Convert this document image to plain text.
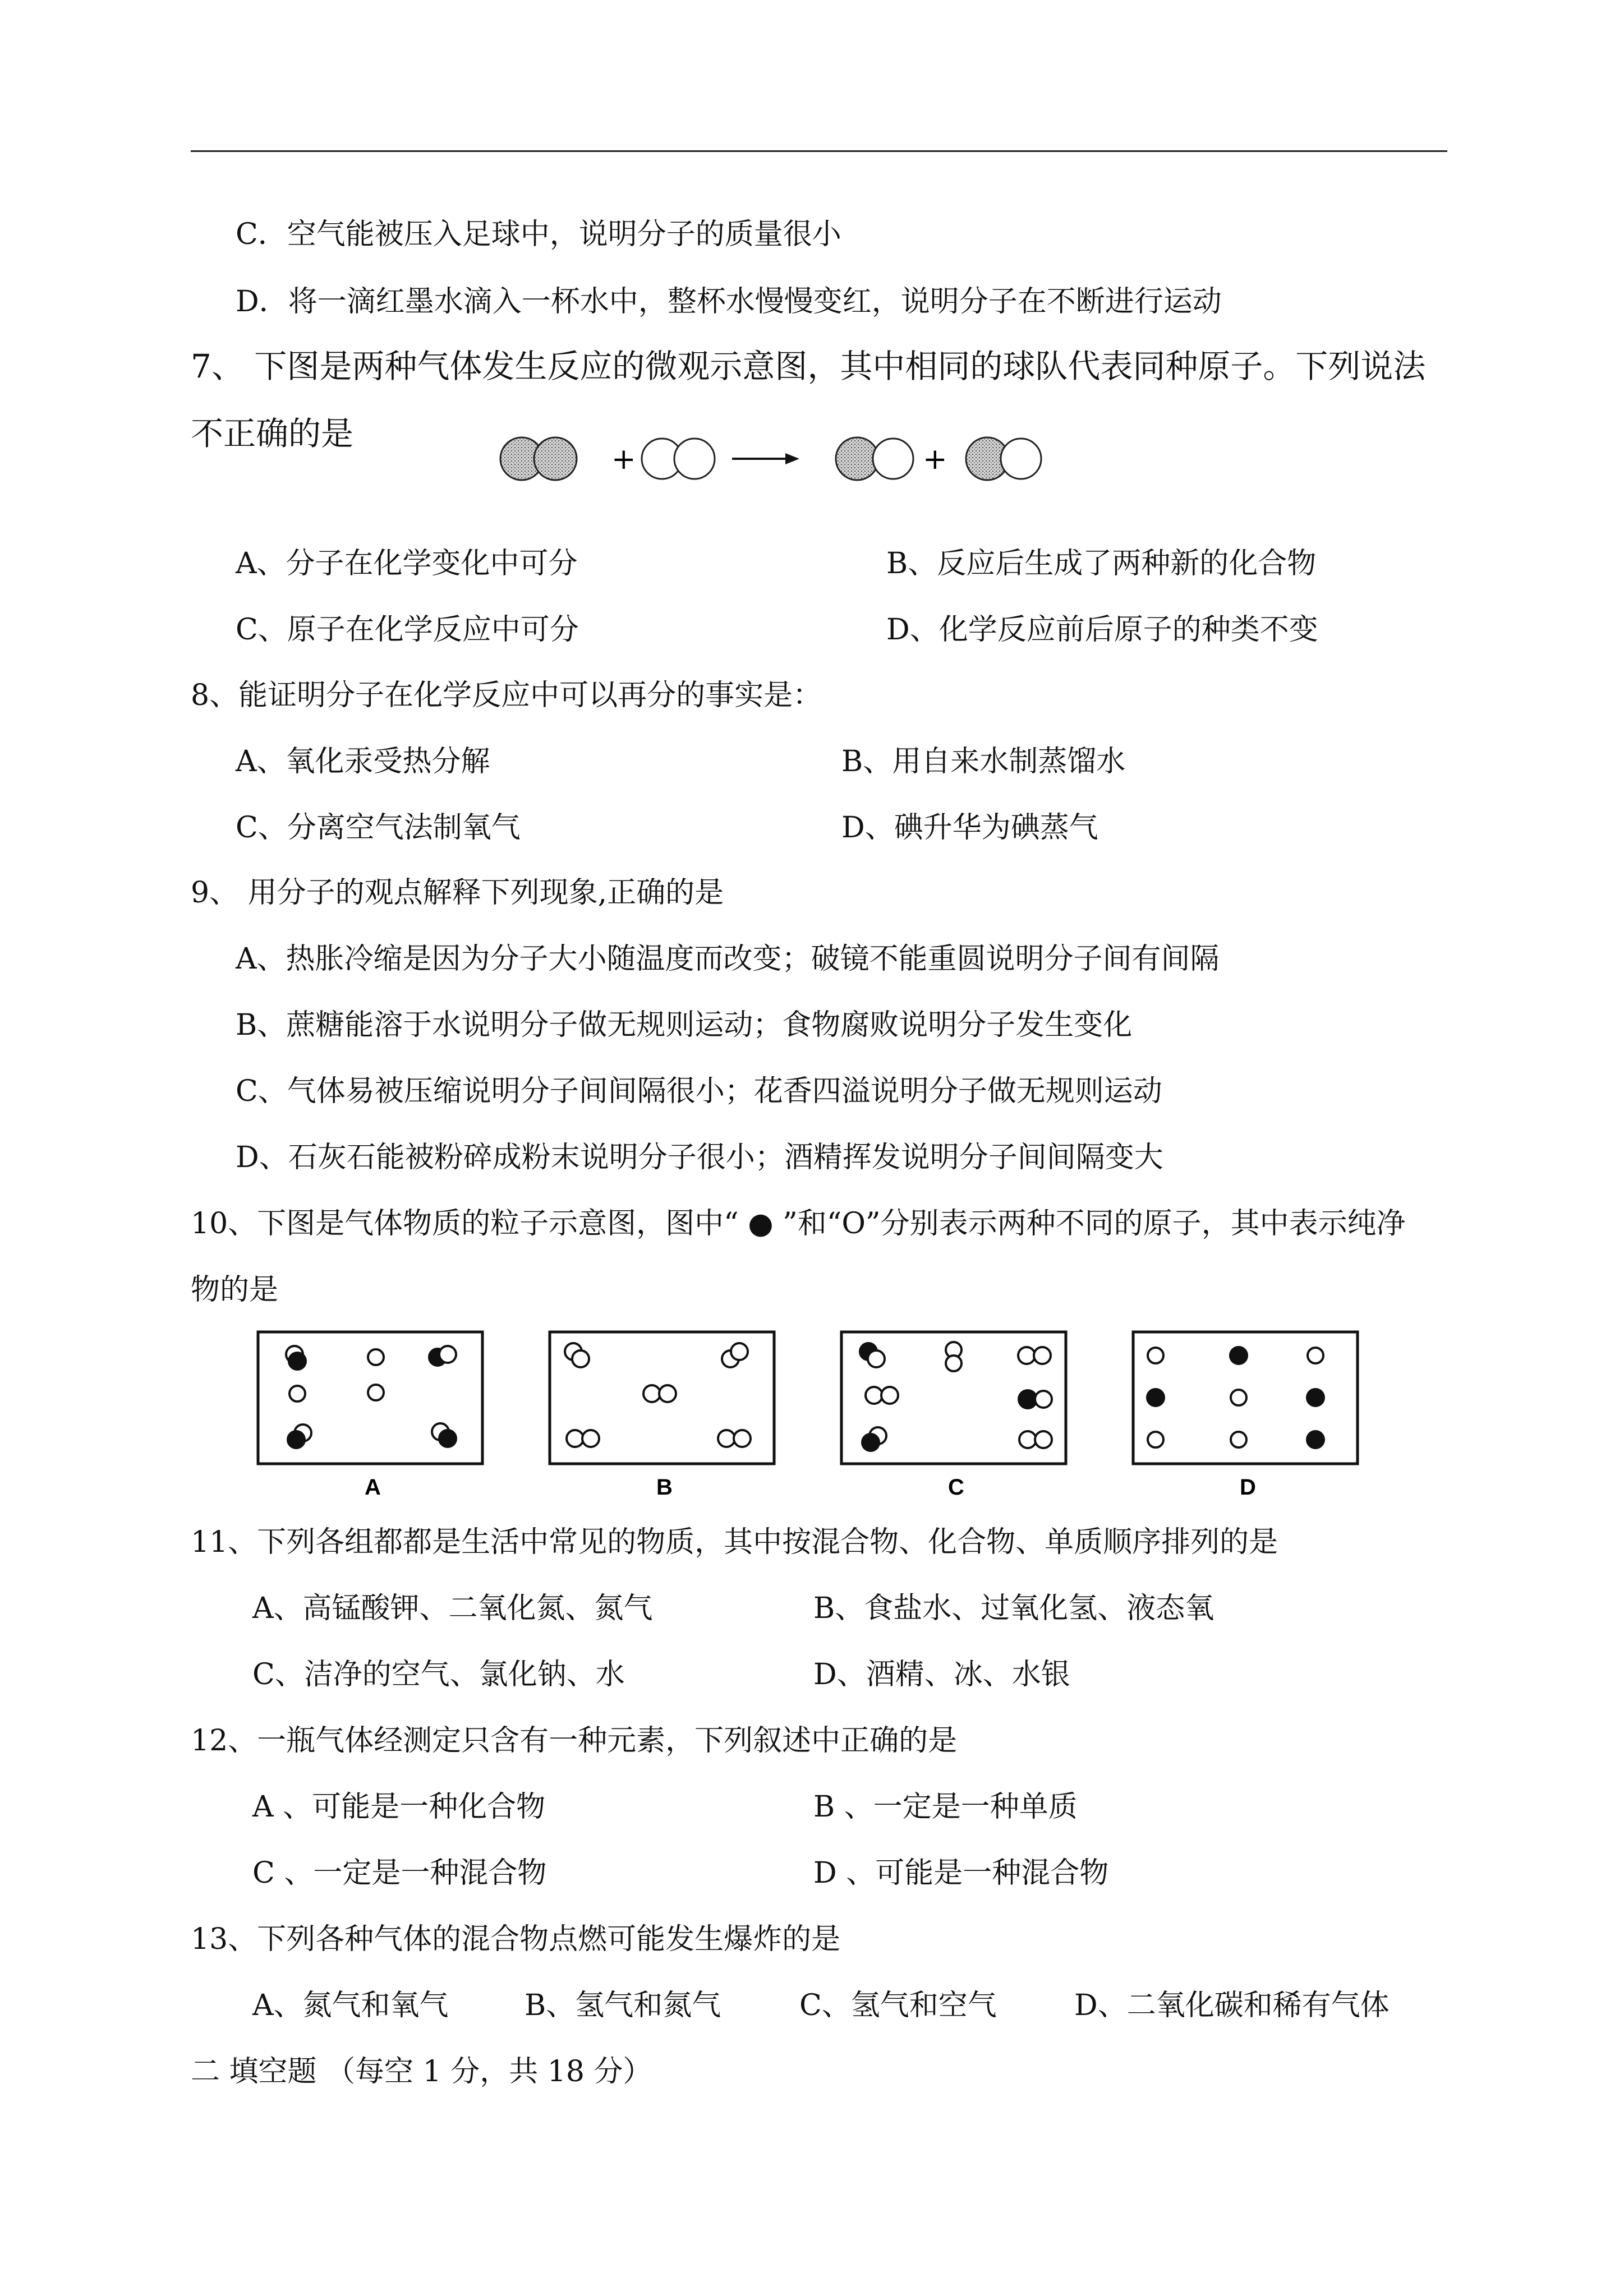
C．空气能被压入足球中，说明分子的质量很小
D．将一滴红墨水滴入一杯水中，整杯水慢慢变红，说明分子在不断进行运动
7、 下图是两种气体发生反应的微观示意图，其中相同的球队代表同种原子。下列说法
不正确的是
+	+
A、分子在化学变化中可分	B、反应后生成了两种新的化合物
C、原子在化学反应中可分	D、化学反应前后原子的种类不变
8、能证明分子在化学反应中可以再分的事实是：
A、氧化汞受热分解	B、用自来水制蒸馏水
C、分离空气法制氧气	D、碘升华为碘蒸气
9、 用分子的观点解释下列现象,正确的是
A、热胀冷缩是因为分子大小随温度而改变；破镜不能重圆说明分子间有间隔
B、蔗糖能溶于水说明分子做无规则运动；食物腐败说明分子发生变化
C、气体易被压缩说明分子间间隔很小；花香四溢说明分子做无规则运动
D、石灰石能被粉碎成粉末说明分子很小；酒精挥发说明分子间间隔变大
10、下图是气体物质的粒子示意图，图中“ ● ”和“O”分别表示两种不同的原子，其中表示纯净
物的是
A	B	C	D
11、下列各组都都是生活中常见的物质，其中按混合物、化合物、单质顺序排列的是
A、高锰酸钾、二氧化氮、氮气	B、食盐水、过氧化氢、液态氧
C、洁净的空气、氯化钠、水	D、酒精、冰、水银
12、一瓶气体经测定只含有一种元素，下列叙述中正确的是
A 、可能是一种化合物	B 、一定是一种单质
C 、一定是一种混合物	D 、可能是一种混合物
13、下列各种气体的混合物点燃可能发生爆炸的是
A、氮气和氧气	B、氢气和氮气	C、氢气和空气	D、二氧化碳和稀有气体
二 填空题 （每空 1 分，共 18 分）
